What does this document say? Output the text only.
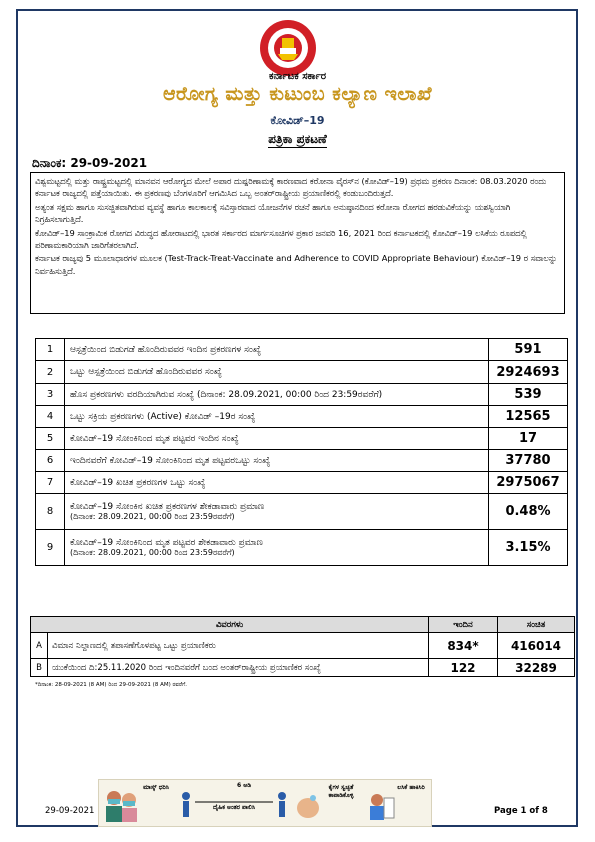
ಕರ್ನಾಟಕ ಸರ್ಕಾರ
ಆರೋಗ್ಯ ಮತ್ತು ಕುಟುಂಬ ಕಲ್ಯಾಣ ಇಲಾಖೆ
ಕೋವಿಡ್–19
ಪತ್ರಿಕಾ ಪ್ರಕಟಣೆ
ದಿನಾಂಕ: 29-09-2021

ವಿಶ್ವಮಟ್ಟದಲ್ಲಿ ಮತ್ತು ರಾಷ್ಟ್ರಮಟ್ಟದಲ್ಲಿ ಮಾನವನ ಆರೋಗ್ಯದ ಮೇಲೆ ಅಪಾರ ದುಷ್ಪರಿಣಾಮಕ್ಕೆ ಕಾರಣವಾದ ಕರೋನಾ ವೈರಸ್‌ನ (ಕೋವಿಡ್–19) ಪ್ರಥಮ ಪ್ರಕರಣ ದಿನಾಂಕ: 08.03.2020 ರಂದು ಕರ್ನಾಟಕ ರಾಜ್ಯದಲ್ಲಿ ಪತ್ತೆಯಾಯಿತು. ಈ ಪ್ರಕರಣವು ಬೆಂಗಳೂರಿಗೆ ಆಗಮಿಸಿದ ಒಬ್ಬ ಅಂತರ್‌ರಾಷ್ಟ್ರೀಯ ಪ್ರಯಾಣಿಕರಲ್ಲಿ ಕಂಡುಬಂದಿರುತ್ತದೆ.

ಅತ್ಯಂತ ಸಕ್ಷಮ ಹಾಗೂ ಸುಸಜ್ಜಿತವಾಗಿರುವ ವ್ಯವಸ್ಥೆ ಹಾಗೂ ಕಾಲಕಾಲಕ್ಕೆ ಸವಿಸ್ತಾರವಾದ ಯೋಜನೆಗಳ ರಚನೆ ಹಾಗೂ ಅನುಷ್ಠಾನದಿಂದ ಕರೋನಾ ರೋಗದ ಹರಡುವಿಕೆಯನ್ನು ಯಶಸ್ವಿಯಾಗಿ ನಿಗ್ರಹಿಸಲಾಗುತ್ತಿದೆ.

ಕೋವಿಡ್–19 ಸಾಂಕ್ರಾಮಿಕ ರೋಗದ ವಿರುದ್ಧದ ಹೋರಾಟದಲ್ಲಿ ಭಾರತ ಸರ್ಕಾರದ ಮಾರ್ಗಸೂಚಿಗಳ ಪ್ರಕಾರ ಜನವರಿ 16, 2021 ರಿಂದ ಕರ್ನಾಟಕದಲ್ಲಿ ಕೋವಿಡ್–19 ಲಸಿಕೆಯ ರೂಪದಲ್ಲಿ ಪರಿಣಾಮಕಾರಿಯಾಗಿ ಜಾರಿಗೆತರಲಾಗಿದೆ.

ಕರ್ನಾಟಕ ರಾಜ್ಯವು 5 ಮೂಲಾಧಾರಗಳ ಮೂಲಕ (Test-Track-Treat-Vaccinate and Adherence to COVID Appropriate Behaviour) ಕೋವಿಡ್–19 ರ ಸವಾಲನ್ನು ನಿರ್ವಹಿಸುತ್ತಿದೆ.

1	ಆಸ್ಪತ್ರೆಯಿಂದ ಬಿಡುಗಡೆ ಹೊಂದಿರುವವರ ಇಂದಿನ ಪ್ರಕರಣಗಳ ಸಂಖ್ಯೆ	591
2	ಒಟ್ಟು ಆಸ್ಪತ್ರೆಯಿಂದ ಬಿಡುಗಡೆ ಹೊಂದಿರುವವರ ಸಂಖ್ಯೆ	2924693
3	ಹೊಸ ಪ್ರಕರಣಗಳು ವರದಿಯಾಗಿರುವ ಸಂಖ್ಯೆ (ದಿನಾಂಕ: 28.09.2021, 00:00 ರಿಂದ 23:59ರವರೆಗೆ)	539
4	ಒಟ್ಟು ಸಕ್ರಿಯ ಪ್ರಕರಣಗಳು (Active) ಕೋವಿಡ್ –19ರ ಸಂಖ್ಯೆ	12565
5	ಕೋವಿಡ್–19 ಸೋಂಕಿನಿಂದ ಮೃತ ಪಟ್ಟವರ ಇಂದಿನ ಸಂಖ್ಯೆ	17
6	ಇಂದಿನವರೆಗೆ ಕೋವಿಡ್–19 ಸೋಂಕಿನಿಂದ ಮೃತ ಪಟ್ಟವರಒಟ್ಟು ಸಂಖ್ಯೆ	37780
7	ಕೋವಿಡ್–19 ಖಚಿತ ಪ್ರಕರಣಗಳ ಒಟ್ಟು ಸಂಖ್ಯೆ	2975067
8	ಕೋವಿಡ್–19 ಸೋಂಕಿನ ಖಚಿತ ಪ್ರಕರಣಗಳ ಶೇಕಡಾವಾರು ಪ್ರಮಾಣ
(ದಿನಾಂಕ: 28.09.2021, 00:00 ರಿಂದ 23:59ರವರೆಗೆ)	0.48%
9	ಕೋವಿಡ್–19 ಸೋಂಕಿನಿಂದ ಮೃತ ಪಟ್ಟವರ ಶೇಕಡಾವಾರು ಪ್ರಮಾಣ
(ದಿನಾಂಕ: 28.09.2021, 00:00 ರಿಂದ 23:59ರವರೆಗೆ)	3.15%
ವಿವರಗಳು		ಇಂದಿನ	ಸಂಚಿತ
A	ವಿಮಾನ ನಿಲ್ದಾಣದಲ್ಲಿ ತಪಾಸಣೆಗೊಳಪಟ್ಟ ಒಟ್ಟು ಪ್ರಯಾಣಿಕರು	834*	416014
B	ಯುಕೆಯಿಂದ ದಿ:25.11.2020 ರಿಂದ ಇಂದಿನವರೆಗೆ ಬಂದ ಅಂತರ್‌ರಾಷ್ಟ್ರೀಯ ಪ್ರಯಾಣಿಕರ ಸಂಖ್ಯೆ	122	32289
*ದಿನಾಂಕ: 28-09-2021 (8 AM) ರಿಂದ 29-09-2021 (8 AM) ರವರೆಗೆ.
ಮಾಸ್ಕ್ ಧರಿಸಿ	6 ಅಡಿ
ದೈಹಿಕ ಅಂತರ ಪಾಲಿಸಿ
ಕೈಗಳ ಸ್ವಚ್ಛತೆ ಕಾಪಾಡಿಕೊಳ್ಳಿ
ಲಸಿಕೆ ಹಾಕಿಸಿರಿ
29-09-2021	Page 1 of 8
